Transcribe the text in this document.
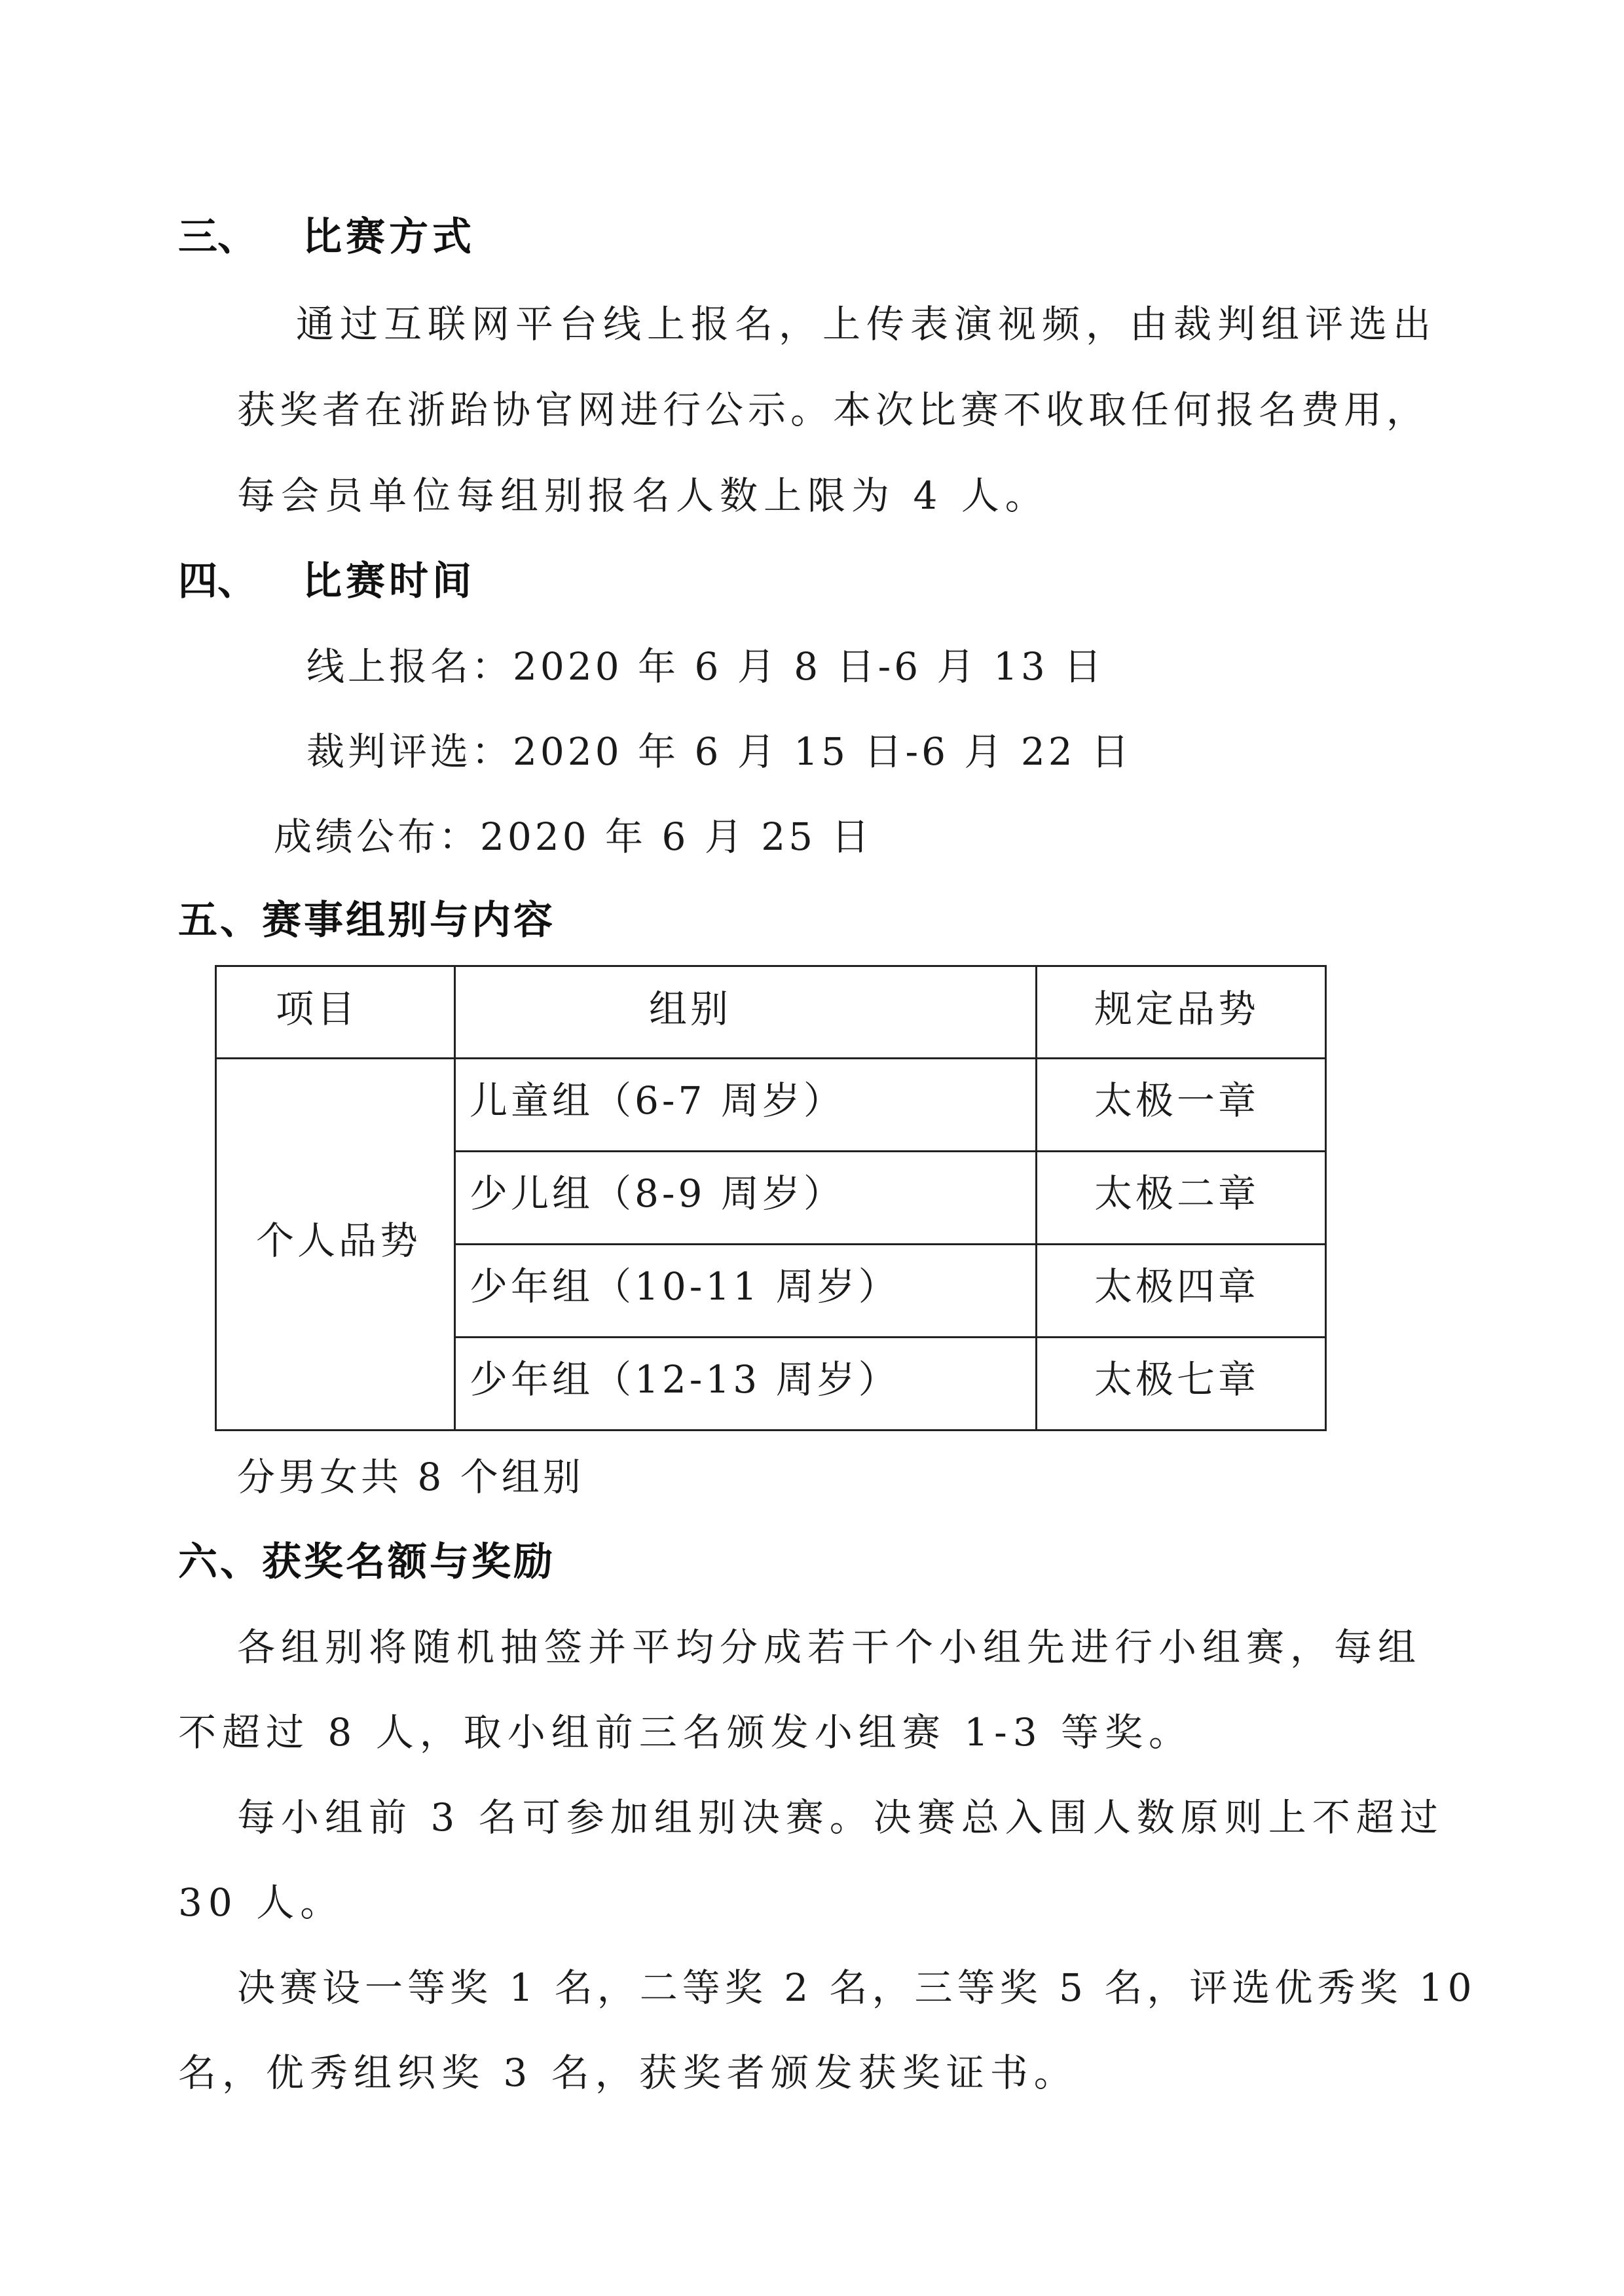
三、 比赛方式
通过互联网平台线上报名，上传表演视频，由裁判组评选出
获奖者在浙跆协官网进行公示。本次比赛不收取任何报名费用，
每会员单位每组别报名人数上限为 4 人。
四、 比赛时间
线上报名：2020 年 6 月 8 日-6 月 13 日
裁判评选：2020 年 6 月 15 日-6 月 22 日
成绩公布：2020 年 6 月 25 日
五、赛事组别与内容
项目	组别	规定品势
个人品势
儿童组（6-7 周岁）	太极一章
少儿组（8-9 周岁）	太极二章
少年组（10-11 周岁）	太极四章
少年组（12-13 周岁）	太极七章
分男女共 8 个组别
六、获奖名额与奖励
各组别将随机抽签并平均分成若干个小组先进行小组赛，每组
不超过 8 人，取小组前三名颁发小组赛 1-3 等奖。
每小组前 3 名可参加组别决赛。决赛总入围人数原则上不超过
30 人。
决赛设一等奖 1 名，二等奖 2 名，三等奖 5 名，评选优秀奖 10
名，优秀组织奖 3 名，获奖者颁发获奖证书。
